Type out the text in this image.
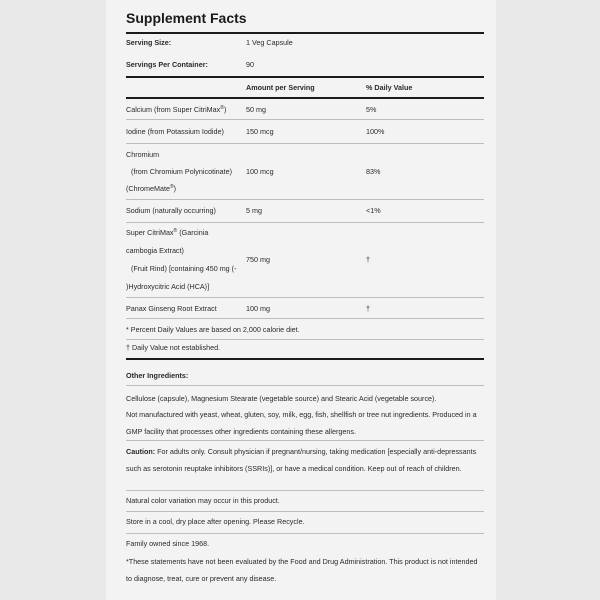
Supplement Facts
Serving Size:	1 Veg Capsule
Servings Per Container:	90
Amount per Serving	% Daily Value
Calcium (from Super CitriMax®)	50 mg	5%
Iodine (from Potassium Iodide)	150 mcg	100%
Chromium
(from Chromium Polynicotinate)
(ChromeMate®)
100 mcg	83%
Sodium (naturally occurring)	5 mg	<1%
Super CitriMax® (Garcinia
cambogia Extract)
(Fruit Rind) [containing 450 mg (-
)Hydroxycitric Acid (HCA)]
750 mg	†
Panax Ginseng Root Extract	100 mg	†
* Percent Daily Values are based on 2,000 calorie diet.
† Daily Value not established.
Other Ingredients:
Cellulose (capsule), Magnesium Stearate (vegetable source) and Stearic Acid (vegetable source).
Not manufactured with yeast, wheat, gluten, soy, milk, egg, fish, shellfish or tree nut ingredients. Produced in a GMP facility that processes other ingredients containing these allergens.
Caution: For adults only. Consult physician if pregnant/nursing, taking medication [especially anti-depressants such as serotonin reuptake inhibitors (SSRIs)], or have a medical condition. Keep out of reach of children.
Natural color variation may occur in this product.
Store in a cool, dry place after opening. Please Recycle.
Family owned since 1968.
*These statements have not been evaluated by the Food and Drug Administration. This product is not intended to diagnose, treat, cure or prevent any disease.
